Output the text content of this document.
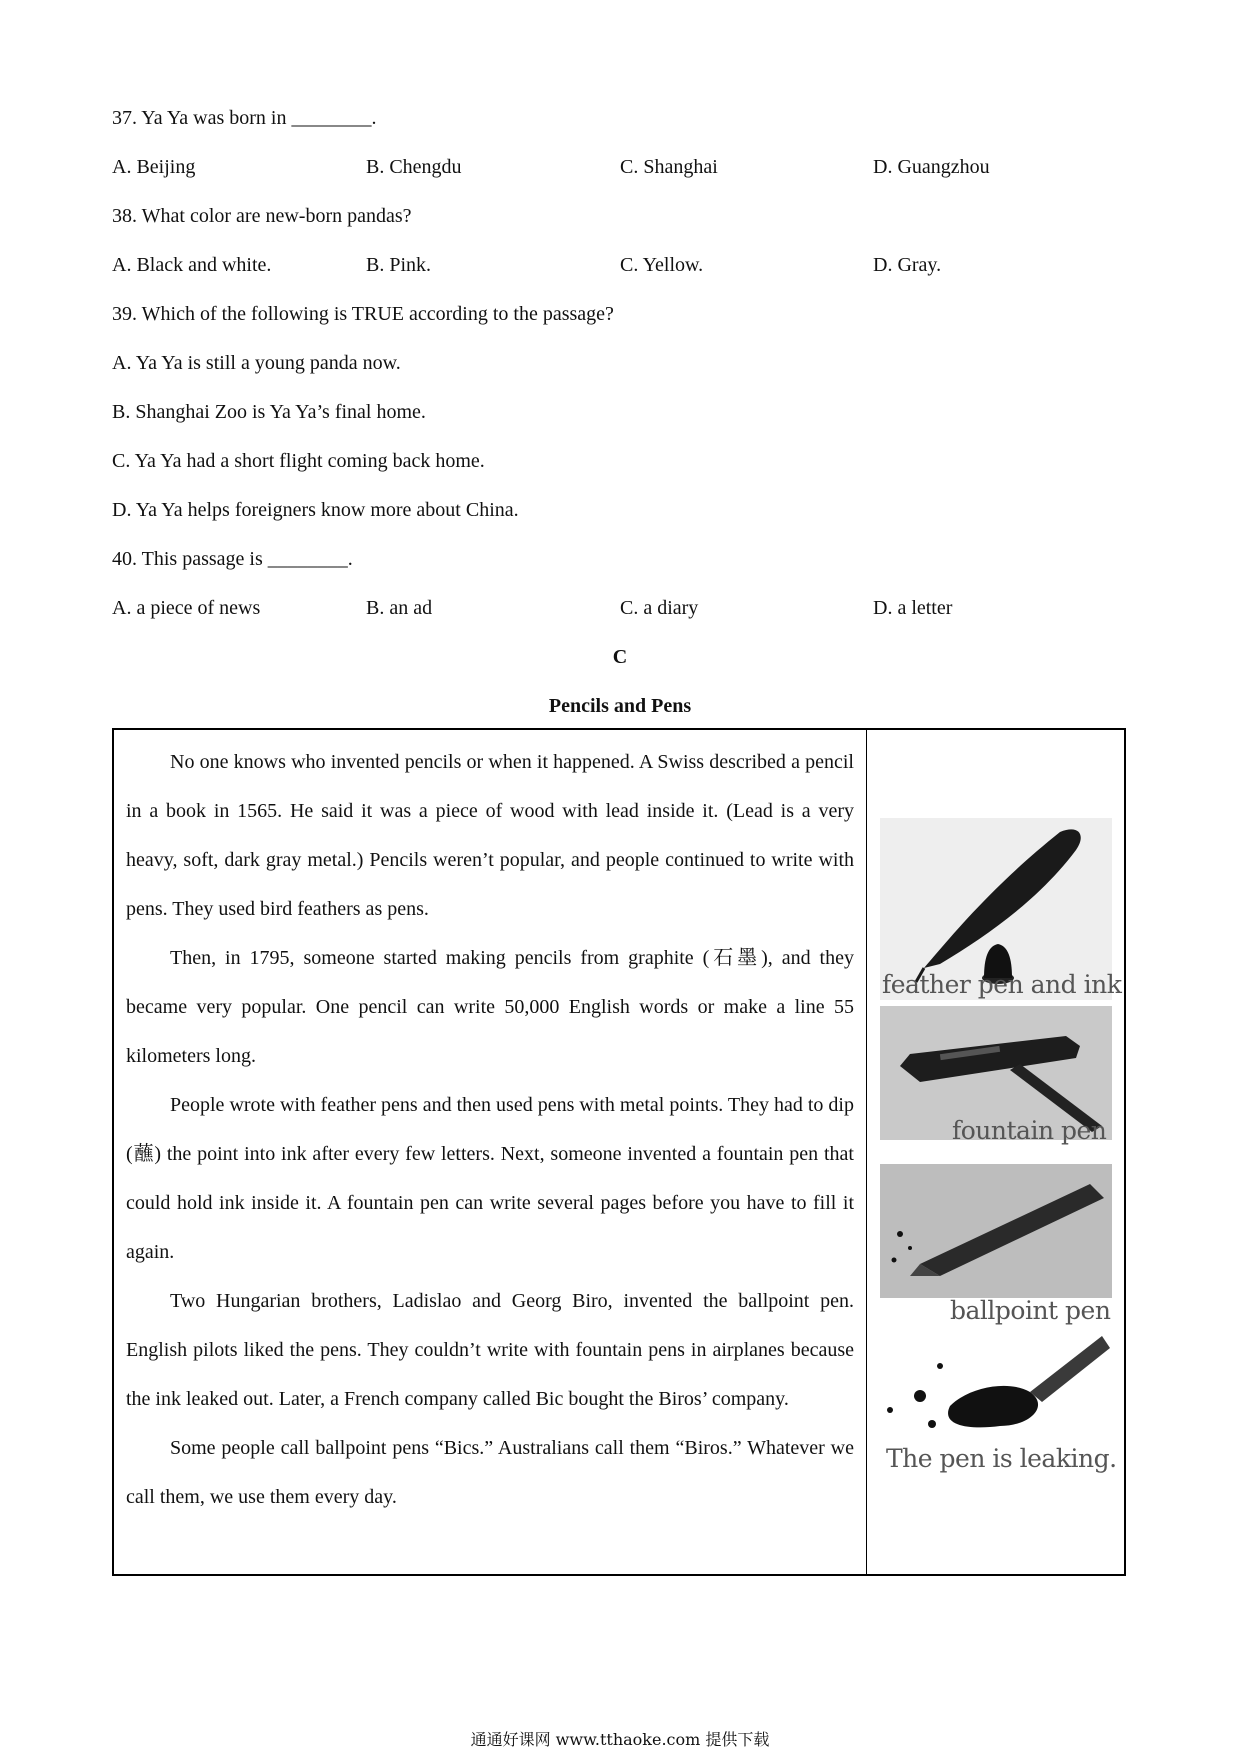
37. Ya Ya was born in ________.
A. Beijing	B. Chengdu	C. Shanghai	D. Guangzhou
38. What color are new-born pandas?
A. Black and white.	B. Pink.	C. Yellow.	D. Gray.
39. Which of the following is TRUE according to the passage?
A. Ya Ya is still a young panda now.
B. Shanghai Zoo is Ya Ya’s final home.
C. Ya Ya had a short flight coming back home.
D. Ya Ya helps foreigners know more about China.
40. This passage is ________.
A. a piece of news	B. an ad	C. a diary	D. a letter
C
Pencils and Pens

No one knows who invented pencils or when it happened. A Swiss described a pencil in a book in 1565. He said it was a piece of wood with lead inside it. (Lead is a very heavy, soft, dark gray metal.) Pencils weren’t popular, and people continued to write with pens. They used bird feathers as pens.

Then, in 1795, someone started making pencils from graphite (石墨), and they became very popular. One pencil can write 50,000 English words or make a line 55 kilometers long.

People wrote with feather pens and then used pens with metal points. They had to dip (蘸) the point into ink after every few letters. Next, someone invented a fountain pen that could hold ink inside it. A fountain pen can write several pages before you have to fill it again.

Two Hungarian brothers, Ladislao and Georg Biro, invented the ballpoint pen. English pilots liked the pens. They couldn’t write with fountain pens in airplanes because the ink leaked out. Later, a French company called Bic bought the Biros’ company.

Some people call ballpoint pens “Bics.” Australians call them “Biros.” Whatever we call them, we use them every day.

feather pen and ink
fountain pen
ballpoint pen
The pen is leaking.
通通好课网 www.tthaoke.com 提供下载
